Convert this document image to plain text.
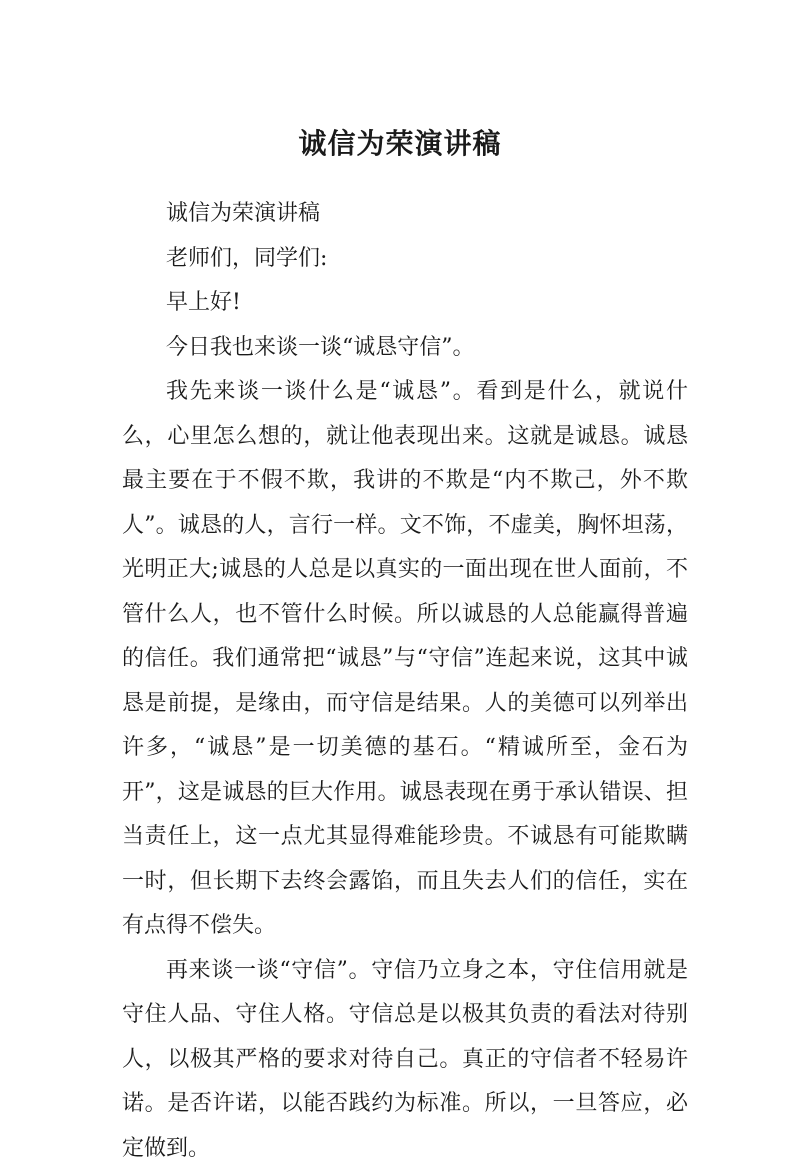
诚信为荣演讲稿

诚信为荣演讲稿

老师们，同学们:

早上好!

今日我也来谈一谈“诚恳守信”。

我先来谈一谈什么是“诚恳”。看到是什么，就说什么，心里怎么想的，就让他表现出来。这就是诚恳。诚恳最主要在于不假不欺，我讲的不欺是“内不欺己，外不欺人”。诚恳的人，言行一样。文不饰，不虚美，胸怀坦荡，光明正大;诚恳的人总是以真实的一面出现在世人面前，不管什么人，也不管什么时候。所以诚恳的人总能赢得普遍的信任。我们通常把“诚恳”与“守信”连起来说，这其中诚恳是前提，是缘由，而守信是结果。人的美德可以列举出许多，“诚恳”是一切美德的基石。“精诚所至，金石为开”，这是诚恳的巨大作用。诚恳表现在勇于承认错误、担当责任上，这一点尤其显得难能珍贵。不诚恳有可能欺瞒一时，但长期下去终会露馅，而且失去人们的信任，实在有点得不偿失。

再来谈一谈“守信”。守信乃立身之本，守住信用就是守住人品、守住人格。守信总是以极其负责的看法对待别人，以极其严格的要求对待自己。真正的守信者不轻易许诺。是否许诺，以能否践约为标准。所以，一旦答应，必定做到。
